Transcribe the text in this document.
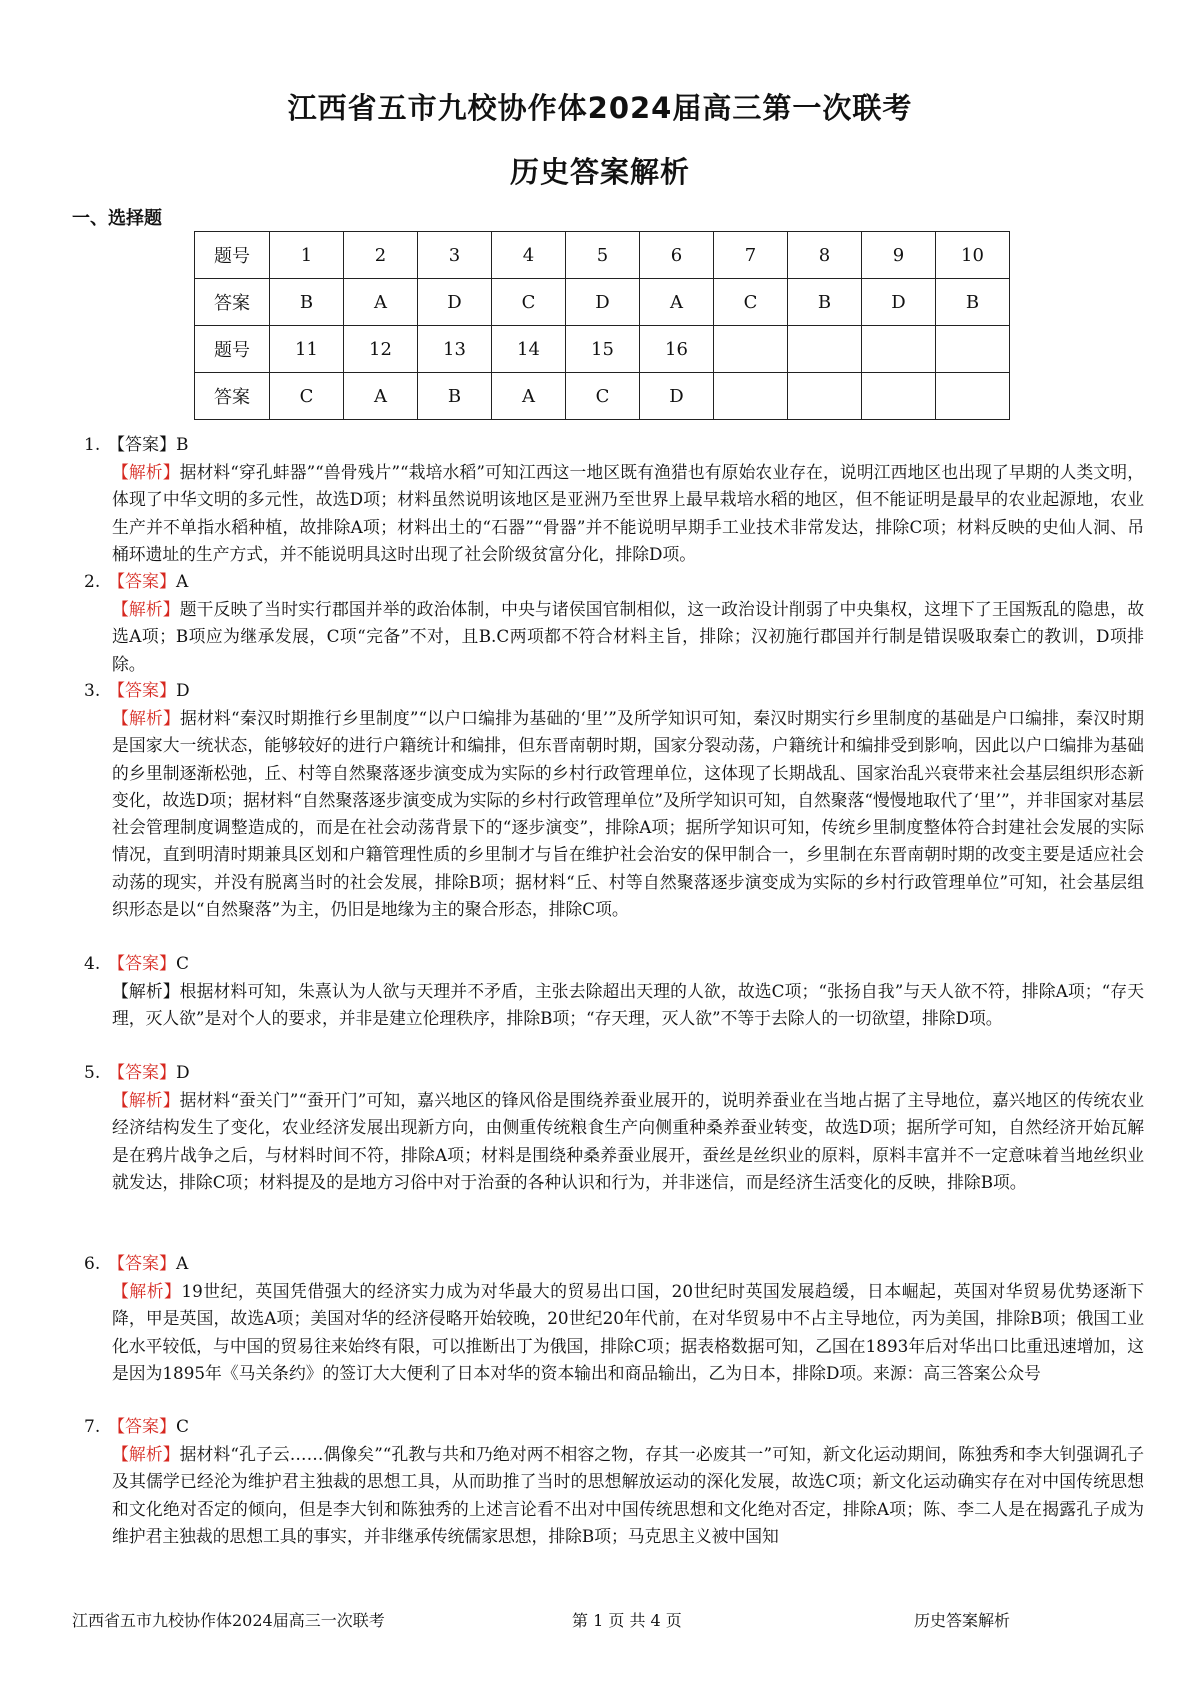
江西省五市九校协作体2024届高三第一次联考
历史答案解析
一、选择题
题号	1	2	3	4	5	6	7	8	9	10
答案	B	A	D	C	D	A	C	B	D	B
题号	11	12	13	14	15	16				
答案	C	A	B	A	C	D				
1. 【答案】B
【解析】据材料“穿孔蚌器”“兽骨残片”“栽培水稻”可知江西这一地区既有渔猎也有原始农业存在，说明江西地区也出现了早期的人类文明，体现了中华文明的多元性，故选D项；材料虽然说明该地区是亚洲乃至世界上最早栽培水稻的地区，但不能证明是最早的农业起源地，农业生产并不单指水稻种植，故排除A项；材料出土的“石器”“骨器”并不能说明早期手工业技术非常发达，排除C项；材料反映的史仙人洞、吊桶环遗址的生产方式，并不能说明具这时出现了社会阶级贫富分化，排除D项。
2. 【答案】A
【解析】题干反映了当时实行郡国并举的政治体制，中央与诸侯国官制相似，这一政治设计削弱了中央集权，这埋下了王国叛乱的隐患，故选A项；B项应为继承发展，C项“完备”不对，且B.C两项都不符合材料主旨，排除；汉初施行郡国并行制是错误吸取秦亡的教训，D项排除。
3. 【答案】D
【解析】据材料“秦汉时期推行乡里制度”“以户口编排为基础的‘里’”及所学知识可知，秦汉时期实行乡里制度的基础是户口编排，秦汉时期是国家大一统状态，能够较好的进行户籍统计和编排，但东晋南朝时期，国家分裂动荡，户籍统计和编排受到影响，因此以户口编排为基础的乡里制逐渐松弛，丘、村等自然聚落逐步演变成为实际的乡村行政管理单位，这体现了长期战乱、国家治乱兴衰带来社会基层组织形态新变化，故选D项；据材料“自然聚落逐步演变成为实际的乡村行政管理单位”及所学知识可知，自然聚落“慢慢地取代了‘里’”，并非国家对基层社会管理制度调整造成的，而是在社会动荡背景下的“逐步演变”，排除A项；据所学知识可知，传统乡里制度整体符合封建社会发展的实际情况，直到明清时期兼具区划和户籍管理性质的乡里制才与旨在维护社会治安的保甲制合一，乡里制在东晋南朝时期的改变主要是适应社会动荡的现实，并没有脱离当时的社会发展，排除B项；据材料“丘、村等自然聚落逐步演变成为实际的乡村行政管理单位”可知，社会基层组织形态是以“自然聚落”为主，仍旧是地缘为主的聚合形态，排除C项。
4. 【答案】C
【解析】根据材料可知，朱熹认为人欲与天理并不矛盾，主张去除超出天理的人欲，故选C项；“张扬自我”与天人欲不符，排除A项；“存天理，灭人欲”是对个人的要求，并非是建立伦理秩序，排除B项；“存天理，灭人欲”不等于去除人的一切欲望，排除D项。
5. 【答案】D
【解析】据材料“蚕关门”“蚕开门”可知，嘉兴地区的锋风俗是围绕养蚕业展开的，说明养蚕业在当地占据了主导地位，嘉兴地区的传统农业经济结构发生了变化，农业经济发展出现新方向，由侧重传统粮食生产向侧重种桑养蚕业转变，故选D项；据所学可知，自然经济开始瓦解是在鸦片战争之后，与材料时间不符，排除A项；材料是围绕种桑养蚕业展开，蚕丝是丝织业的原料，原料丰富并不一定意味着当地丝织业就发达，排除C项；材料提及的是地方习俗中对于治蚕的各种认识和行为，并非迷信，而是经济生活变化的反映，排除B项。
6. 【答案】A
【解析】19世纪，英国凭借强大的经济实力成为对华最大的贸易出口国，20世纪时英国发展趋缓，日本崛起，英国对华贸易优势逐渐下降，甲是英国，故选A项；美国对华的经济侵略开始较晚，20世纪20年代前，在对华贸易中不占主导地位，丙为美国，排除B项；俄国工业化水平较低，与中国的贸易往来始终有限，可以推断出丁为俄国，排除C项；据表格数据可知，乙国在1893年后对华出口比重迅速增加，这是因为1895年《马关条约》的签订大大便利了日本对华的资本输出和商品输出，乙为日本，排除D项。来源：高三答案公众号
7. 【答案】C
【解析】据材料“孔子云……偶像矣”“孔教与共和乃绝对两不相容之物，存其一必废其一”可知，新文化运动期间，陈独秀和李大钊强调孔子及其儒学已经沦为维护君主独裁的思想工具，从而助推了当时的思想解放运动的深化发展，故选C项；新文化运动确实存在对中国传统思想和文化绝对否定的倾向，但是李大钊和陈独秀的上述言论看不出对中国传统思想和文化绝对否定，排除A项；陈、李二人是在揭露孔子成为维护君主独裁的思想工具的事实，并非继承传统儒家思想，排除B项；马克思主义被中国知
江西省五市九校协作体2024届高三一次联考	第 1 页 共 4 页	历史答案解析
